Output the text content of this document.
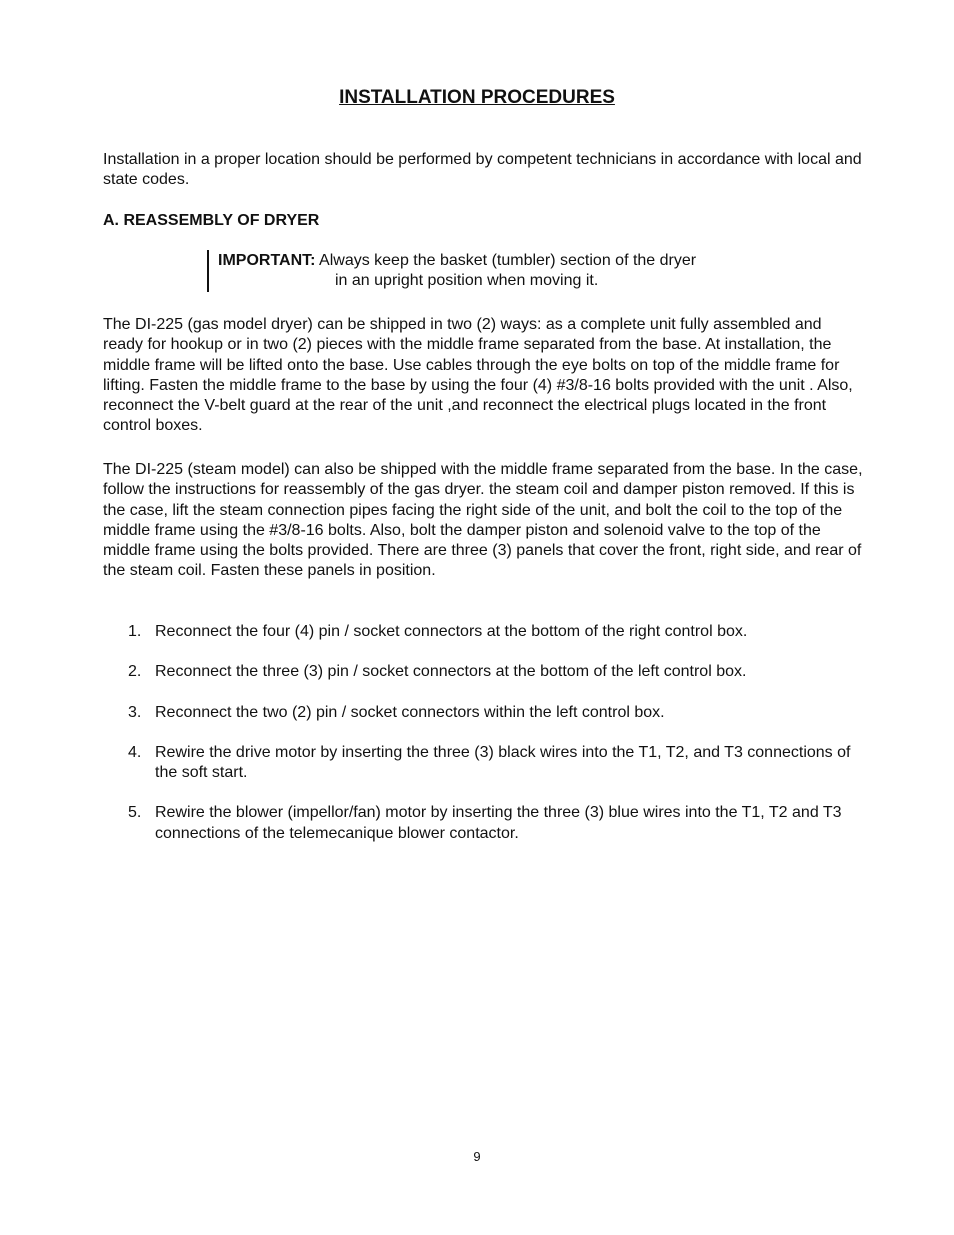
INSTALLATION PROCEDURES
Installation in a proper location should be performed by competent technicians in accordance with local and state codes.
A. REASSEMBLY OF DRYER
IMPORTANT: Always keep the basket (tumbler) section of the dryer
in an upright position when moving it.
The DI-225 (gas model dryer) can be shipped in two (2) ways: as a complete unit fully assembled and ready for hookup or in two (2) pieces with the middle frame separated from the base. At installation, the middle frame will be lifted onto the base. Use cables through the eye bolts on top of the middle frame for lifting. Fasten the middle frame to the base by using the four (4) #3/8-16 bolts provided with the unit . Also, reconnect the V-belt guard at the rear of the unit ,and reconnect the electrical plugs located in the front control boxes.
The DI-225 (steam model) can also be shipped with the middle frame separated from the base. In the case, follow the instructions for reassembly of the gas dryer. the steam coil and damper piston removed. If this is the case, lift the steam connection pipes facing the right side of the unit, and bolt the coil to the top of the middle frame using the #3/8-16 bolts. Also, bolt the damper piston and solenoid valve to the top of the middle frame using the bolts provided. There are three (3) panels that cover the front, right side, and rear of the steam coil. Fasten these panels in position.
1. Reconnect the four (4) pin / socket connectors at the bottom of the right control box.
2. Reconnect the three (3) pin / socket connectors at the bottom of the left control box.
3. Reconnect the two (2) pin / socket connectors within the left control box.
4. Rewire the drive motor by inserting the three (3) black wires into the T1, T2, and T3 connections of the soft start.
5. Rewire the blower (impellor/fan) motor by inserting the three (3) blue wires into the T1, T2 and T3 connections of the telemecanique blower contactor.
9
